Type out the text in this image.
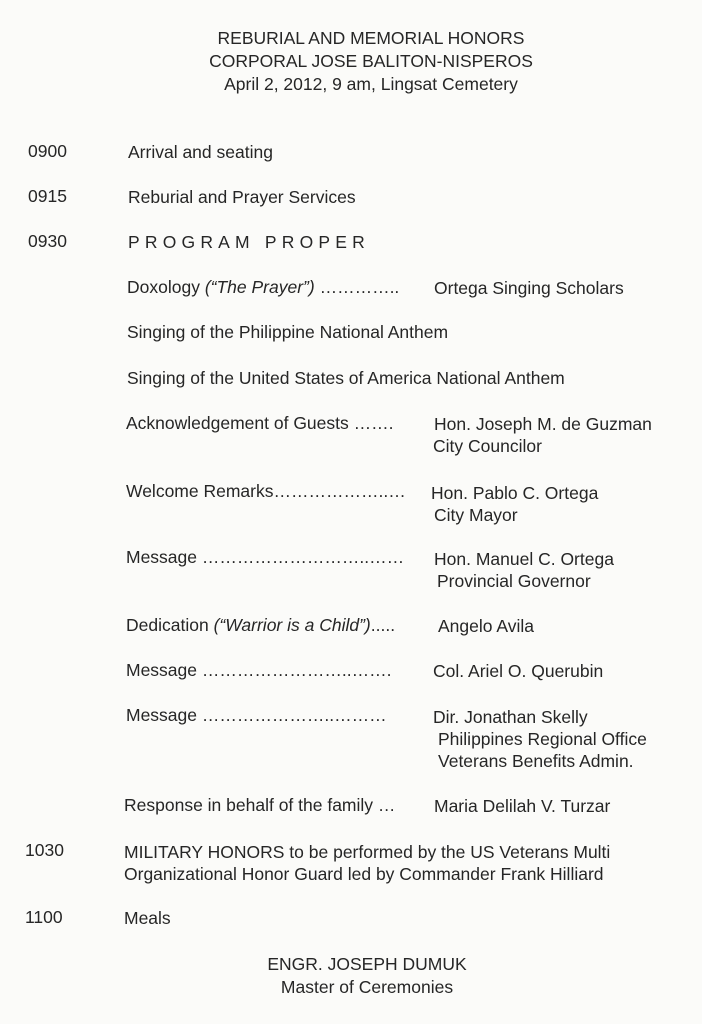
REBURIAL AND MEMORIAL HONORS
CORPORAL JOSE BALITON-NISPEROS
April 2, 2012, 9 am, Lingsat Cemetery
0900	Arrival and seating
0915	Reburial and Prayer Services
0930	PROGRAM PROPER
Doxology (“The Prayer”) ………….. Ortega Singing Scholars
Singing of the Philippine National Anthem
Singing of the United States of America National Anthem
Acknowledgement of Guests ……. Hon. Joseph M. de Guzman
City Councilor
Welcome Remarks………………..… Hon. Pablo C. Ortega
City Mayor
Message ………………………..…… Hon. Manuel C. Ortega
Provincial Governor
Dedication (“Warrior is a Child”)..... Angelo Avila
Message ……………………..……. Col. Ariel O. Querubin
Message …………………..………	Dir. Jonathan Skelly
Philippines Regional Office
Veterans Benefits Admin.
Response in behalf of the family … Maria Delilah V. Turzar
1030	MILITARY HONORS to be performed by the US Veterans Multi
Organizational Honor Guard led by Commander Frank Hilliard
1100	Meals
ENGR. JOSEPH DUMUK
Master of Ceremonies
